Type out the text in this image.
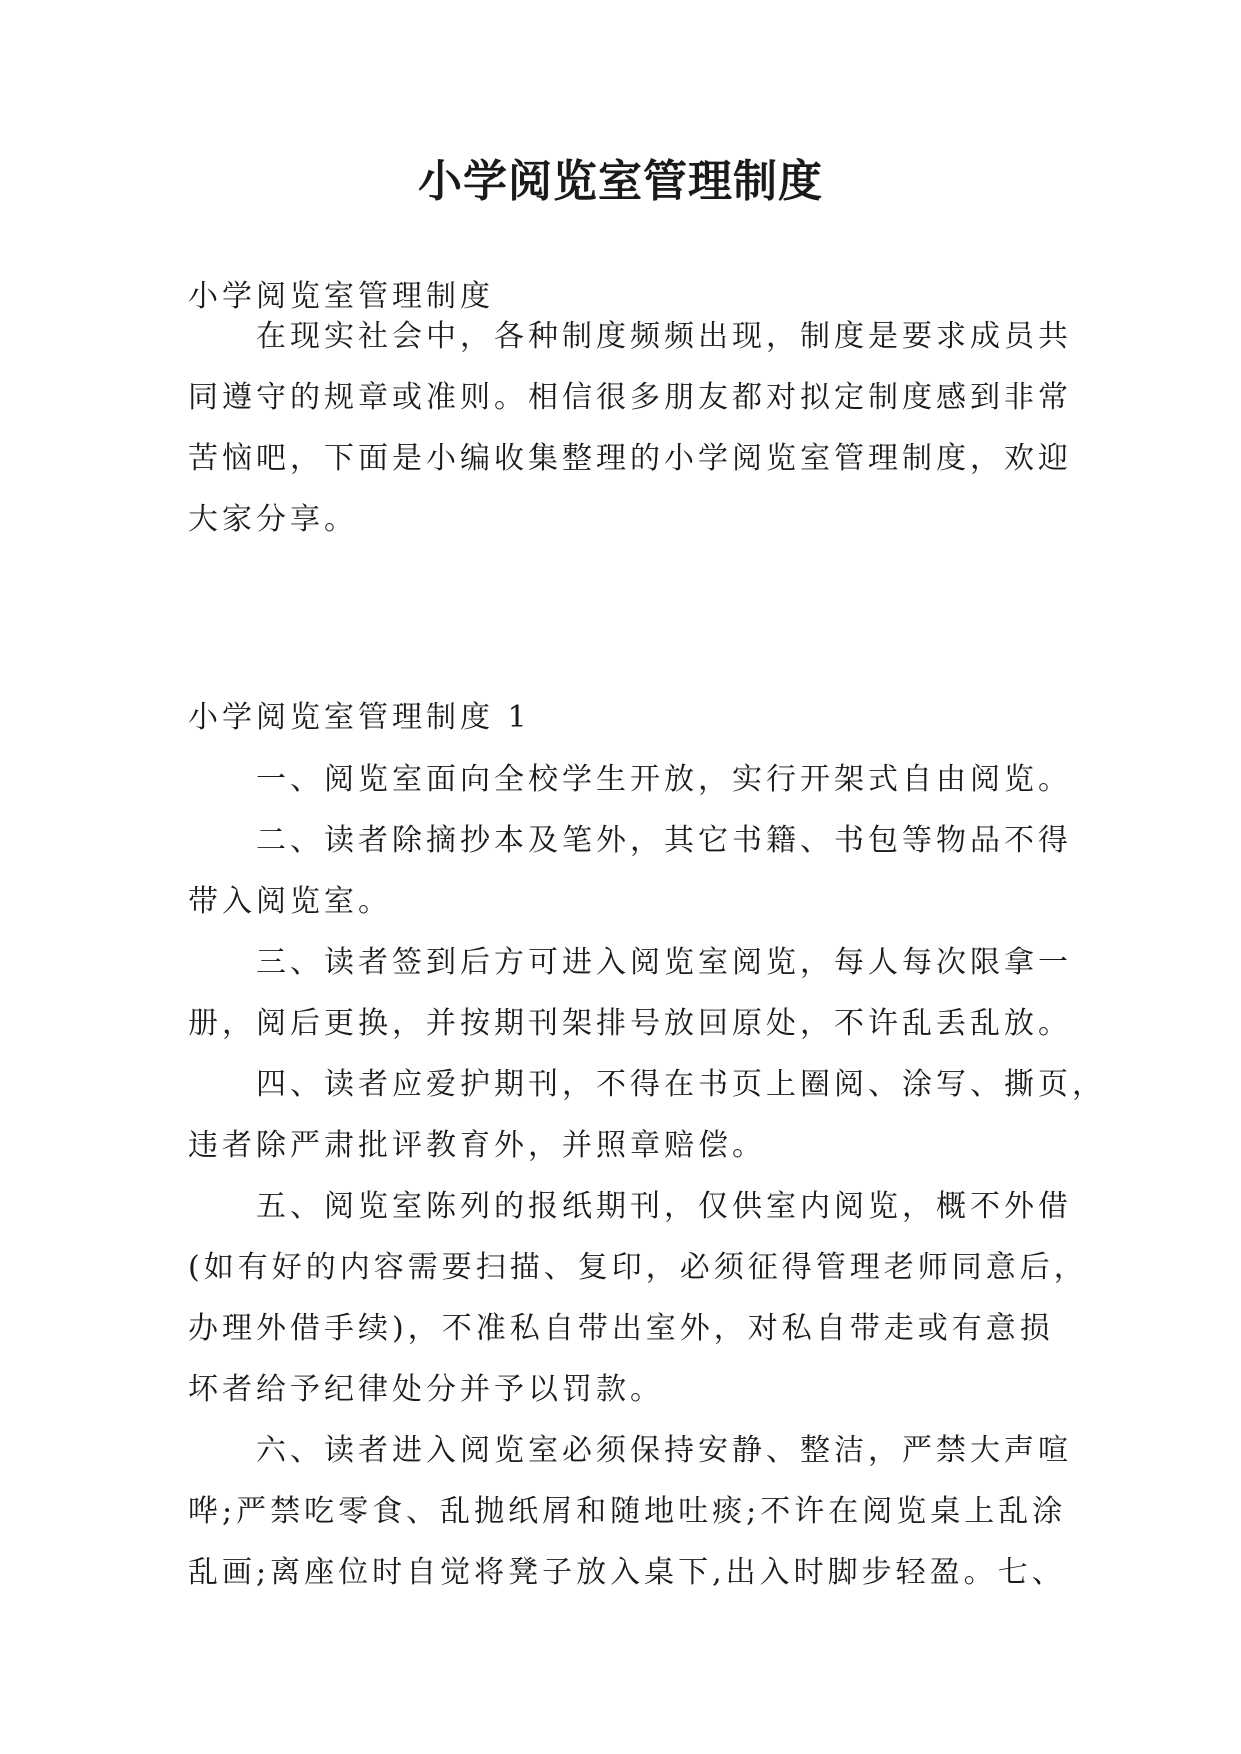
小学阅览室管理制度
小学阅览室管理制度
在现实社会中，各种制度频频出现，制度是要求成员共
同遵守的规章或准则。相信很多朋友都对拟定制度感到非常
苦恼吧，下面是小编收集整理的小学阅览室管理制度，欢迎
大家分享。
小学阅览室管理制度 1
一、阅览室面向全校学生开放，实行开架式自由阅览。
二、读者除摘抄本及笔外，其它书籍、书包等物品不得
带入阅览室。
三、读者签到后方可进入阅览室阅览，每人每次限拿一
册，阅后更换，并按期刊架排号放回原处，不许乱丢乱放。
四、读者应爱护期刊，不得在书页上圈阅、涂写、撕页，
违者除严肃批评教育外，并照章赔偿。
五、阅览室陈列的报纸期刊，仅供室内阅览，概不外借
(如有好的内容需要扫描、复印，必须征得管理老师同意后，
办理外借手续)，不准私自带出室外，对私自带走或有意损
坏者给予纪律处分并予以罚款。
六、读者进入阅览室必须保持安静、整洁，严禁大声喧
哗;严禁吃零食、乱抛纸屑和随地吐痰;不许在阅览桌上乱涂
乱画;离座位时自觉将凳子放入桌下,出入时脚步轻盈。七、
